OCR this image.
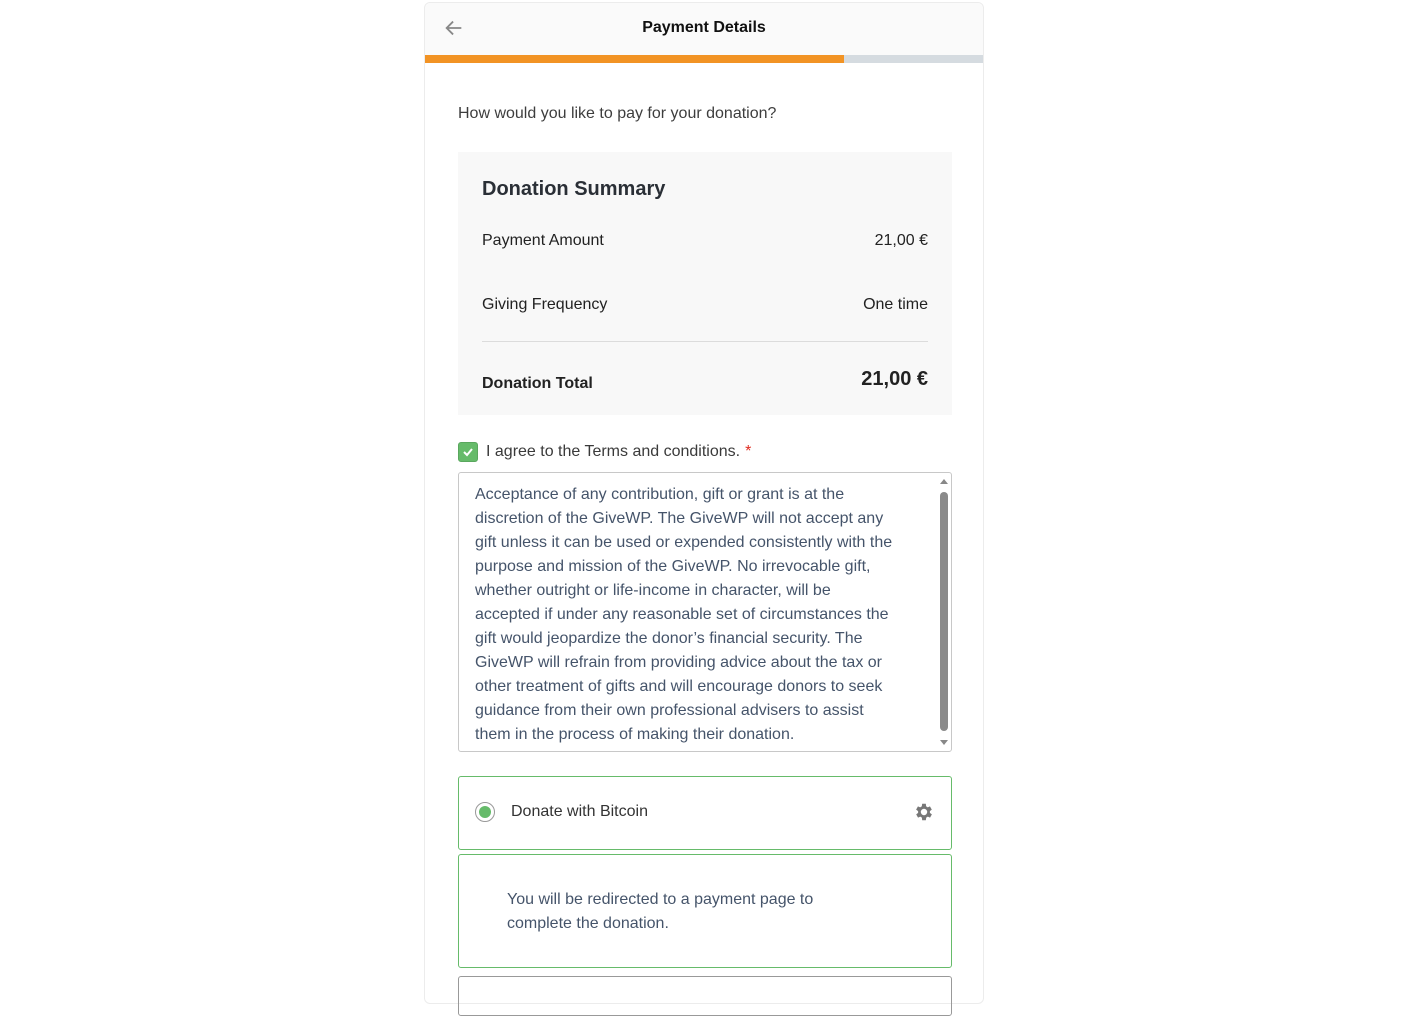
Payment Details
How would you like to pay for your donation?
Donation Summary
Payment Amount	21,00 €
Giving Frequency	One time
Donation Total	21,00 €
I agree to the Terms and conditions. *
Acceptance of any contribution, gift or grant is at the
discretion of the GiveWP. The GiveWP will not accept any
gift unless it can be used or expended consistently with the
purpose and mission of the GiveWP. No irrevocable gift,
whether outright or life-income in character, will be
accepted if under any reasonable set of circumstances the
gift would jeopardize the donor’s financial security. The
GiveWP will refrain from providing advice about the tax or
other treatment of gifts and will encourage donors to seek
guidance from their own professional advisers to assist
them in the process of making their donation.
Donate with Bitcoin
You will be redirected to a payment page to
complete the donation.
